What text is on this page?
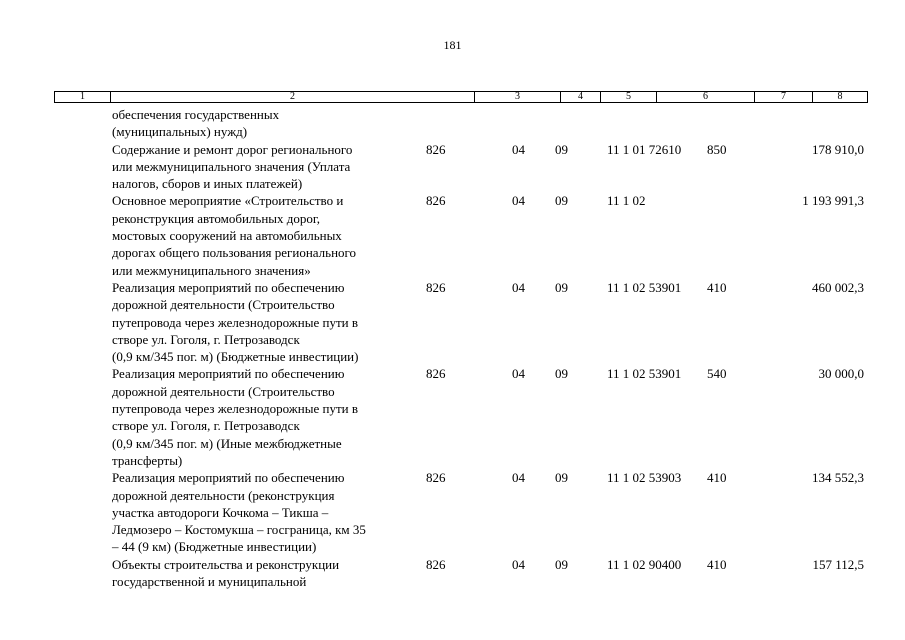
181
1	2	3	4	5	6	7	8
обеспечения государственных
(муниципальных) нужд)
Содержание и ремонт дорог регионального
или межмуниципального значения (Уплата
налогов, сборов и иных платежей)
826	04 09	11 1 01 72610 850	178 910,0
Основное мероприятие «Строительство и
реконструкция автомобильных дорог,
мостовых сооружений на автомобильных
дорогах общего пользования регионального
или межмуниципального значения»
826	04 09	11 1 02	1 193 991,3
Реализация мероприятий по обеспечению
дорожной деятельности (Строительство
путепровода через железнодорожные пути в
створе ул. Гоголя, г. Петрозаводск
(0,9 км/345 пог. м) (Бюджетные инвестиции)
826	04 09	11 1 02 53901 410	460 002,3
Реализация мероприятий по обеспечению
дорожной деятельности (Строительство
путепровода через железнодорожные пути в
створе ул. Гоголя, г. Петрозаводск
(0,9 км/345 пог. м) (Иные межбюджетные
трансферты)
826	04 09	11 1 02 53901 540	30 000,0
Реализация мероприятий по обеспечению
дорожной деятельности (реконструкция
участка автодороги Кочкома – Тикша –
Ледмозеро – Костомукша – госграница, км 35
– 44 (9 км) (Бюджетные инвестиции)
826	04 09	11 1 02 53903 410	134 552,3
Объекты строительства и реконструкции
государственной и муниципальной
826	04 09	11 1 02 90400 410	157 112,5
